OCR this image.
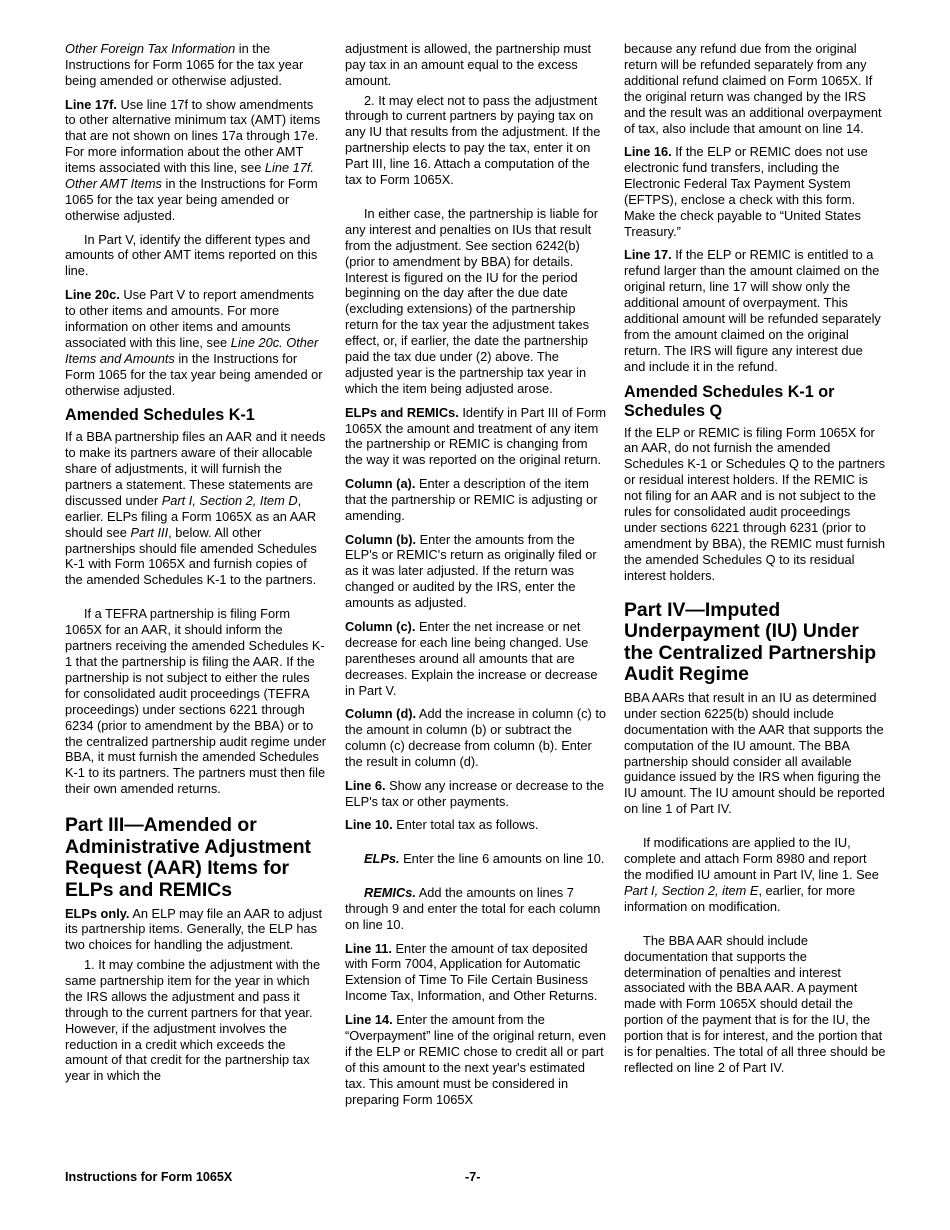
Other Foreign Tax Information in the Instructions for Form 1065 for the tax year being amended or otherwise adjusted.

Line 17f. Use line 17f to show amendments to other alternative minimum tax (AMT) items that are not shown on lines 17a through 17e. For more information about the other AMT items associated with this line, see Line 17f. Other AMT Items in the Instructions for Form 1065 for the tax year being amended or otherwise adjusted.

In Part V, identify the different types and amounts of other AMT items reported on this line.

Line 20c. Use Part V to report amendments to other items and amounts. For more information on other items and amounts associated with this line, see Line 20c. Other Items and Amounts in the Instructions for Form 1065 for the tax year being amended or otherwise adjusted.

Amended Schedules K-1

If a BBA partnership files an AAR and it needs to make its partners aware of their allocable share of adjustments, it will furnish the partners a statement. These statements are discussed under Part I, Section 2, Item D, earlier. ELPs filing a Form 1065X as an AAR should see Part III, below. All other partnerships should file amended Schedules K-1 with Form 1065X and furnish copies of the amended Schedules K-1 to the partners.

If a TEFRA partnership is filing Form 1065X for an AAR, it should inform the partners receiving the amended Schedules K-1 that the partnership is filing the AAR. If the partnership is not subject to either the rules for consolidated audit proceedings (TEFRA proceedings) under sections 6221 through 6234 (prior to amendment by the BBA) or to the centralized partnership audit regime under BBA, it must furnish the amended Schedules K-1 to its partners. The partners must then file their own amended returns.

Part III—Amended or Administrative Adjustment Request (AAR) Items for ELPs and REMICs

ELPs only. An ELP may file an AAR to adjust its partnership items. Generally, the ELP has two choices for handling the adjustment.

1. It may combine the adjustment with the same partnership item for the year in which the IRS allows the adjustment and pass it through to the current partners for that year. However, if the adjustment involves the reduction in a credit which exceeds the amount of that credit for the partnership tax year in which the

adjustment is allowed, the partnership must pay tax in an amount equal to the excess amount.

2. It may elect not to pass the adjustment through to current partners by paying tax on any IU that results from the adjustment. If the partnership elects to pay the tax, enter it on Part III, line 16. Attach a computation of the tax to Form 1065X.

In either case, the partnership is liable for any interest and penalties on IUs that result from the adjustment. See section 6242(b) (prior to amendment by BBA) for details. Interest is figured on the IU for the period beginning on the day after the due date (excluding extensions) of the partnership return for the tax year the adjustment takes effect, or, if earlier, the date the partnership paid the tax due under (2) above. The adjusted year is the partnership tax year in which the item being adjusted arose.

ELPs and REMICs. Identify in Part III of Form 1065X the amount and treatment of any item the partnership or REMIC is changing from the way it was reported on the original return.

Column (a). Enter a description of the item that the partnership or REMIC is adjusting or amending.

Column (b). Enter the amounts from the ELP's or REMIC's return as originally filed or as it was later adjusted. If the return was changed or audited by the IRS, enter the amounts as adjusted.

Column (c). Enter the net increase or net decrease for each line being changed. Use parentheses around all amounts that are decreases. Explain the increase or decrease in Part V.

Column (d). Add the increase in column (c) to the amount in column (b) or subtract the column (c) decrease from column (b). Enter the result in column (d).

Line 6. Show any increase or decrease to the ELP's tax or other payments.

Line 10. Enter total tax as follows.

ELPs. Enter the line 6 amounts on line 10.

REMICs. Add the amounts on lines 7 through 9 and enter the total for each column on line 10.

Line 11. Enter the amount of tax deposited with Form 7004, Application for Automatic Extension of Time To File Certain Business Income Tax, Information, and Other Returns.

Line 14. Enter the amount from the “Overpayment” line of the original return, even if the ELP or REMIC chose to credit all or part of this amount to the next year's estimated tax. This amount must be considered in preparing Form 1065X

because any refund due from the original return will be refunded separately from any additional refund claimed on Form 1065X. If the original return was changed by the IRS and the result was an additional overpayment of tax, also include that amount on line 14.

Line 16. If the ELP or REMIC does not use electronic fund transfers, including the Electronic Federal Tax Payment System (EFTPS), enclose a check with this form. Make the check payable to “United States Treasury.”

Line 17. If the ELP or REMIC is entitled to a refund larger than the amount claimed on the original return, line 17 will show only the additional amount of overpayment. This additional amount will be refunded separately from the amount claimed on the original return. The IRS will figure any interest due and include it in the refund.

Amended Schedules K-1 or Schedules Q

If the ELP or REMIC is filing Form 1065X for an AAR, do not furnish the amended Schedules K-1 or Schedules Q to the partners or residual interest holders. If the REMIC is not filing for an AAR and is not subject to the rules for consolidated audit proceedings under sections 6221 through 6231 (prior to amendment by BBA), the REMIC must furnish the amended Schedules Q to its residual interest holders.

Part IV—Imputed Underpayment (IU) Under the Centralized Partnership Audit Regime

BBA AARs that result in an IU as determined under section 6225(b) should include documentation with the AAR that supports the computation of the IU amount. The BBA partnership should consider all available guidance issued by the IRS when figuring the IU amount. The IU amount should be reported on line 1 of Part IV.

If modifications are applied to the IU, complete and attach Form 8980 and report the modified IU amount in Part IV, line 1. See Part I, Section 2, item E, earlier, for more information on modification.

The BBA AAR should include documentation that supports the determination of penalties and interest associated with the BBA AAR. A payment made with Form 1065X should detail the portion of the payment that is for the IU, the portion that is for interest, and the portion that is for penalties. The total of all three should be reflected on line 2 of Part IV.

Instructions for Form 1065X	-7-
